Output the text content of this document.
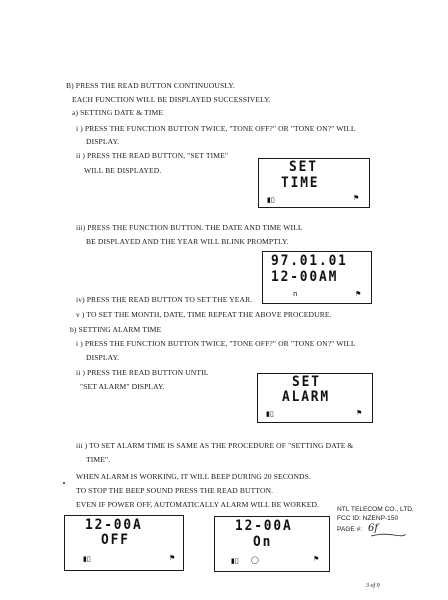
B) PRESS THE READ BUTTON CONTINUOUSLY.
EACH FUNCTION WILL BE DISPLAYED SUCCESSIVELY.
a) SETTING DATE & TIME
i ) PRESS THE FUNCTION BUTTON TWICE, "TONE OFF?" OR "TONE ON?" WILL
DISPLAY.
ii ) PRESS THE READ BUTTON, "SET TIME"
WILL BE DISPLAYED.	SET
TIME
▮▯	⚑
iii) PRESS THE FUNCTION BUTTON. THE DATE AND TIME WILL
BE DISPLAYED AND THE YEAR WILL BLINK PROMPTLY.
97.01.01
12-00AM
n	⚑
iv) PRESS THE READ BUTTON TO SET THE YEAR.
v ) TO SET THE MONTH, DATE, TIME REPEAT THE ABOVE PROCEDURE.
b) SETTING ALARM TIME
i ) PRESS THE FUNCTION BUTTON TWICE, "TONE OFF?" OR "TONE ON?" WILL
DISPLAY.
ii ) PRESS THE READ BUTTON UNTIL
"SET ALARM" DISPLAY.	SET
ALARM
▮▯	⚑
iii ) TO SET ALARM TIME IS SAME AS THE PROCEDURE OF "SETTING DATE &
TIME".
WHEN ALARM IS WORKING, IT WILL BEEP DURING 20 SECONDS.
TO STOP THE BEEP SOUND PRESS THE READ BUTTON.
EVEN IF POWER OFF, AUTOMATICALLY ALARM WILL BE WORKED.
12-00A
OFF
▮▯	⚑
12-00A
On
▮▯ ◯	⚑
NTL TELECOM CO., LTD.
FCC ID: NZENP-150
PAGE #: 6f
3 of 9
